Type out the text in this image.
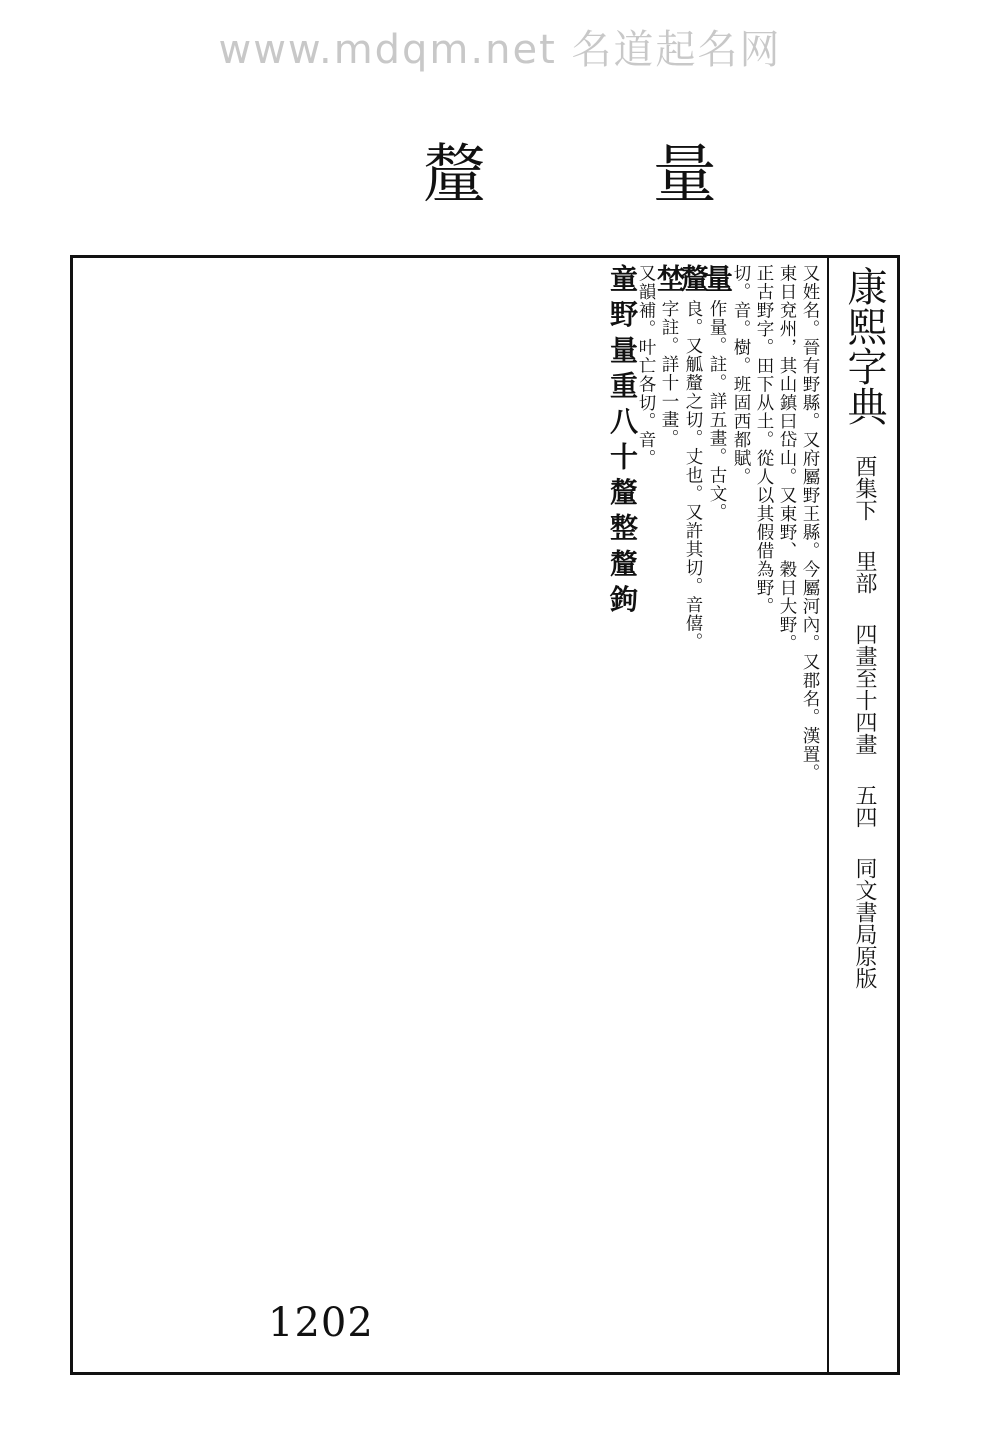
www.mdqm.net 名道起名网
量
釐
康熙字典 酉集下 里部 四畫至十四畫 五四 同文書局原版

又姓名。晉有野縣。又府屬野王縣。今屬河內。又郡名。漢置。

東日兗州，其山鎮曰岱山。又東野、穀日大野。

正古野字。田下从土。從人以其假借為野。

切。音。樹。班固西都賦。

量 作量。註。詳五畫。古文。

釐 良。又觚釐之切。丈也。又許其切。音僖。

埜 字註。詳十一畫。

又韻補。叶亡各切。音。

童 野 量 重 八 十 釐 整 釐 鉤

1202
